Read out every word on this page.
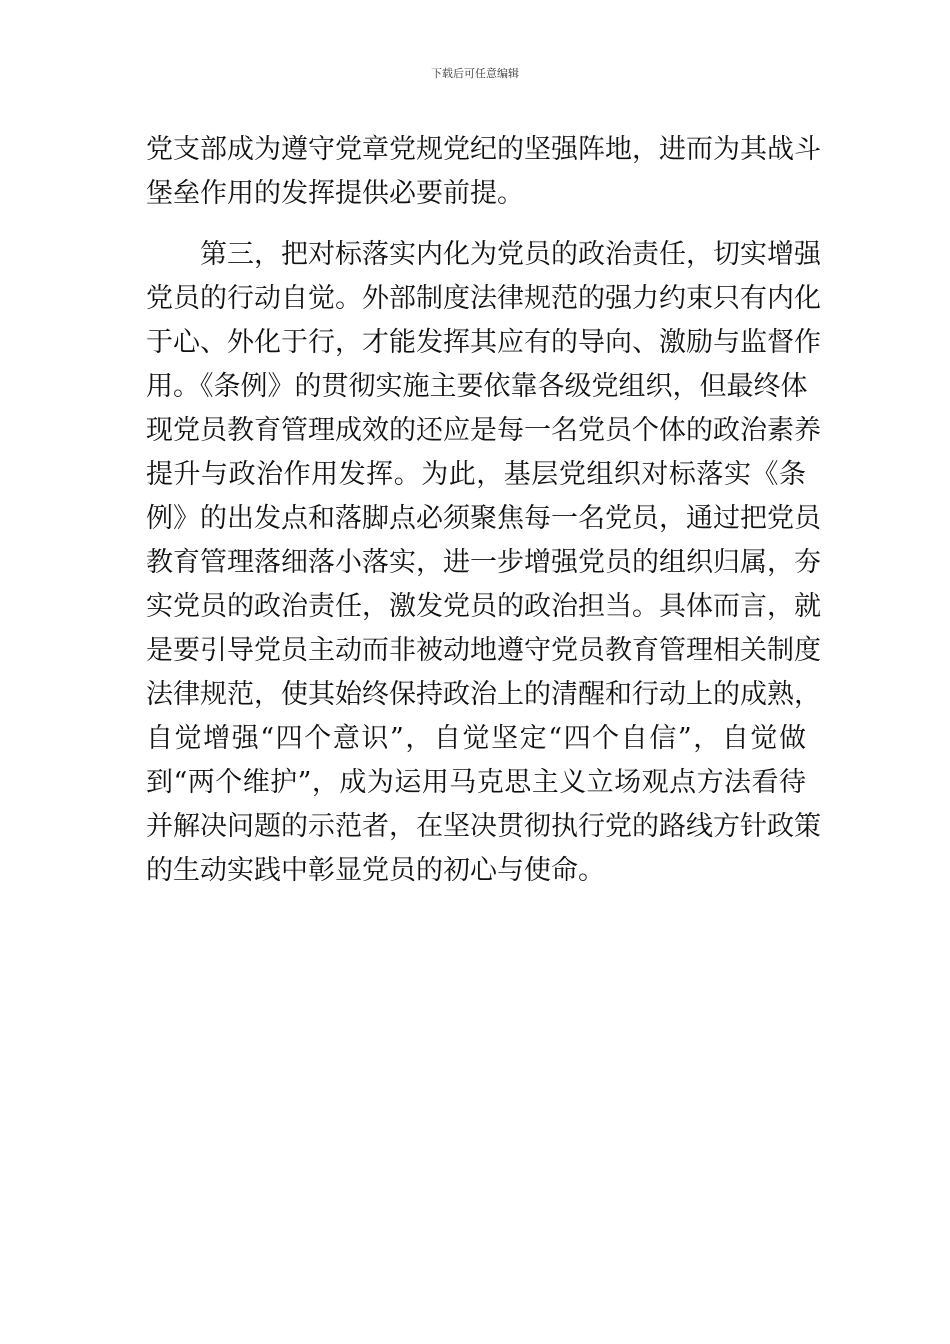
下载后可任意编辑
党支部成为遵守党章党规党纪的坚强阵地，进而为其战斗
堡垒作用的发挥提供必要前提。
第三，把对标落实内化为党员的政治责任，切实增强
党员的行动自觉。外部制度法律规范的强力约束只有内化
于心、外化于行，才能发挥其应有的导向、激励与监督作
用。《条例》的贯彻实施主要依靠各级党组织，但最终体
现党员教育管理成效的还应是每一名党员个体的政治素养
提升与政治作用发挥。为此，基层党组织对标落实《条
例》的出发点和落脚点必须聚焦每一名党员，通过把党员
教育管理落细落小落实，进一步增强党员的组织归属，夯
实党员的政治责任，激发党员的政治担当。具体而言，就
是要引导党员主动而非被动地遵守党员教育管理相关制度
法律规范，使其始终保持政治上的清醒和行动上的成熟，
自觉增强“四个意识”，自觉坚定“四个自信”，自觉做
到“两个维护”，成为运用马克思主义立场观点方法看待
并解决问题的示范者，在坚决贯彻执行党的路线方针政策
的生动实践中彰显党员的初心与使命。
